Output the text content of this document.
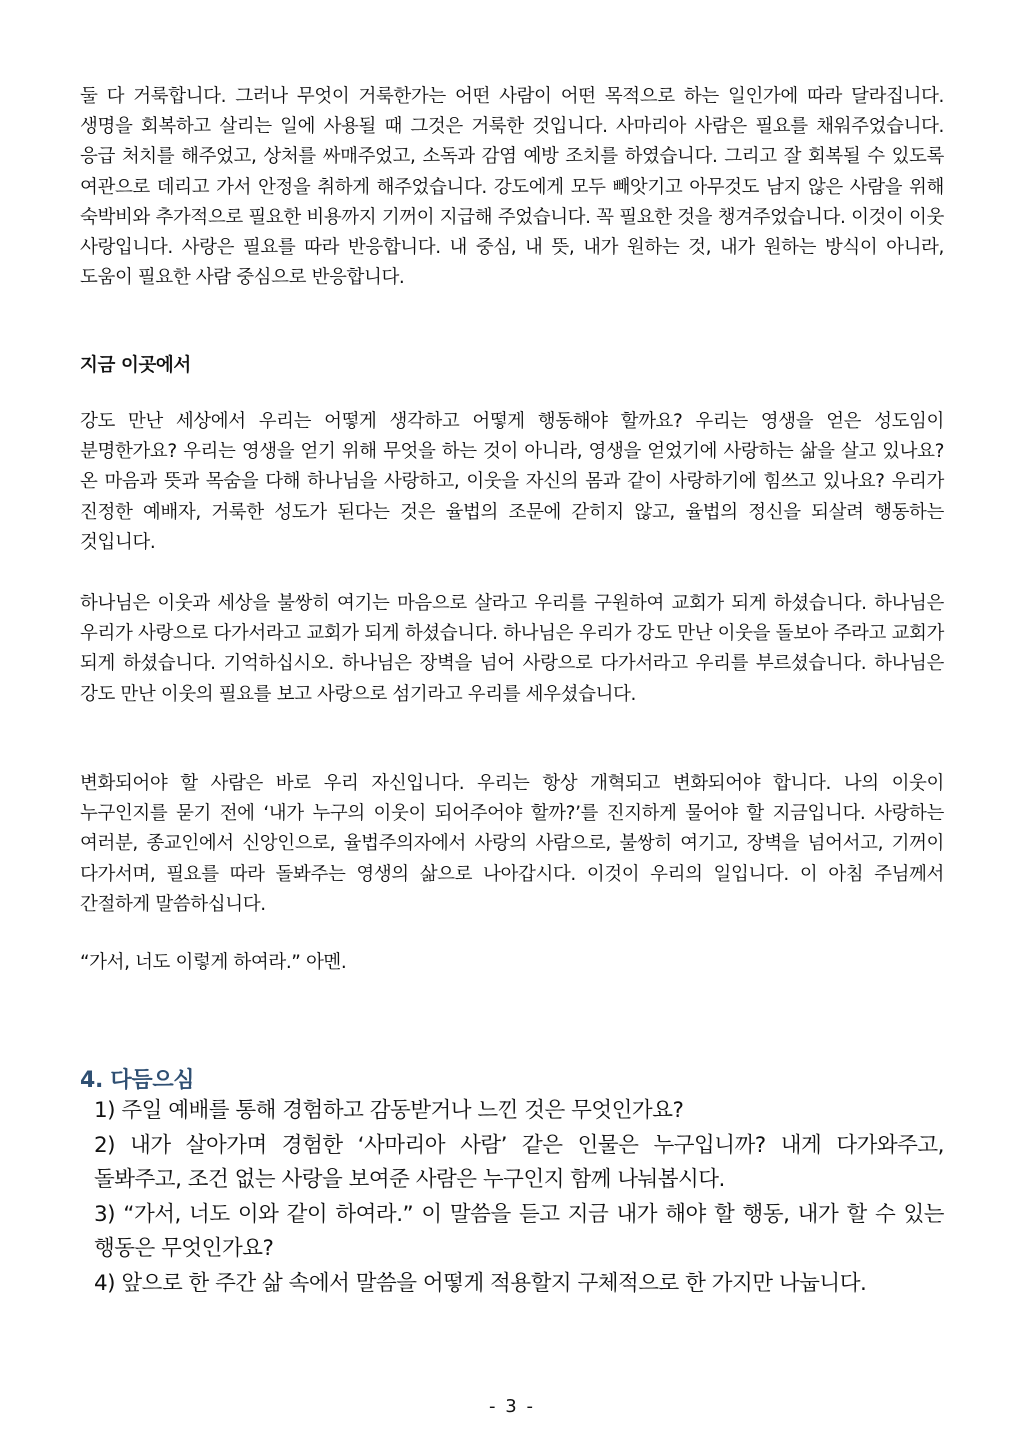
둘 다 거룩합니다. 그러나 무엇이 거룩한가는 어떤 사람이 어떤 목적으로 하는 일인가에 따라 달라집니다. 생명을 회복하고 살리는 일에 사용될 때 그것은 거룩한 것입니다. 사마리아 사람은 필요를 채워주었습니다. 응급 처치를 해주었고, 상처를 싸매주었고, 소독과 감염 예방 조치를 하였습니다. 그리고 잘 회복될 수 있도록 여관으로 데리고 가서 안정을 취하게 해주었습니다. 강도에게 모두 빼앗기고 아무것도 남지 않은 사람을 위해 숙박비와 추가적으로 필요한 비용까지 기꺼이 지급해 주었습니다. 꼭 필요한 것을 챙겨주었습니다. 이것이 이웃 사랑입니다. 사랑은 필요를 따라 반응합니다. 내 중심, 내 뜻, 내가 원하는 것, 내가 원하는 방식이 아니라, 도움이 필요한 사람 중심으로 반응합니다.

지금 이곳에서

강도 만난 세상에서 우리는 어떻게 생각하고 어떻게 행동해야 할까요? 우리는 영생을 얻은 성도임이 분명한가요? 우리는 영생을 얻기 위해 무엇을 하는 것이 아니라, 영생을 얻었기에 사랑하는 삶을 살고 있나요? 온 마음과 뜻과 목숨을 다해 하나님을 사랑하고, 이웃을 자신의 몸과 같이 사랑하기에 힘쓰고 있나요? 우리가 진정한 예배자, 거룩한 성도가 된다는 것은 율법의 조문에 갇히지 않고, 율법의 정신을 되살려 행동하는 것입니다.

하나님은 이웃과 세상을 불쌍히 여기는 마음으로 살라고 우리를 구원하여 교회가 되게 하셨습니다. 하나님은 우리가 사랑으로 다가서라고 교회가 되게 하셨습니다. 하나님은 우리가 강도 만난 이웃을 돌보아 주라고 교회가 되게 하셨습니다. 기억하십시오. 하나님은 장벽을 넘어 사랑으로 다가서라고 우리를 부르셨습니다. 하나님은 강도 만난 이웃의 필요를 보고 사랑으로 섬기라고 우리를 세우셨습니다.

변화되어야 할 사람은 바로 우리 자신입니다. 우리는 항상 개혁되고 변화되어야 합니다. 나의 이웃이 누구인지를 묻기 전에 ‘내가 누구의 이웃이 되어주어야 할까?’를 진지하게 물어야 할 지금입니다. 사랑하는 여러분, 종교인에서 신앙인으로, 율법주의자에서 사랑의 사람으로, 불쌍히 여기고, 장벽을 넘어서고, 기꺼이 다가서며, 필요를 따라 돌봐주는 영생의 삶으로 나아갑시다. 이것이 우리의 일입니다. 이 아침 주님께서 간절하게 말씀하십니다.

“가서, 너도 이렇게 하여라.” 아멘.

4. 다듬으심
1) 주일 예배를 통해 경험하고 감동받거나 느낀 것은 무엇인가요?
2) 내가 살아가며 경험한 ‘사마리아 사람’ 같은 인물은 누구입니까? 내게 다가와주고, 돌봐주고, 조건 없는 사랑을 보여준 사람은 누구인지 함께 나눠봅시다.
3) “가서, 너도 이와 같이 하여라.” 이 말씀을 듣고 지금 내가 해야 할 행동, 내가 할 수 있는 행동은 무엇인가요?
4) 앞으로 한 주간 삶 속에서 말씀을 어떻게 적용할지 구체적으로 한 가지만 나눕니다.

- 3 -
